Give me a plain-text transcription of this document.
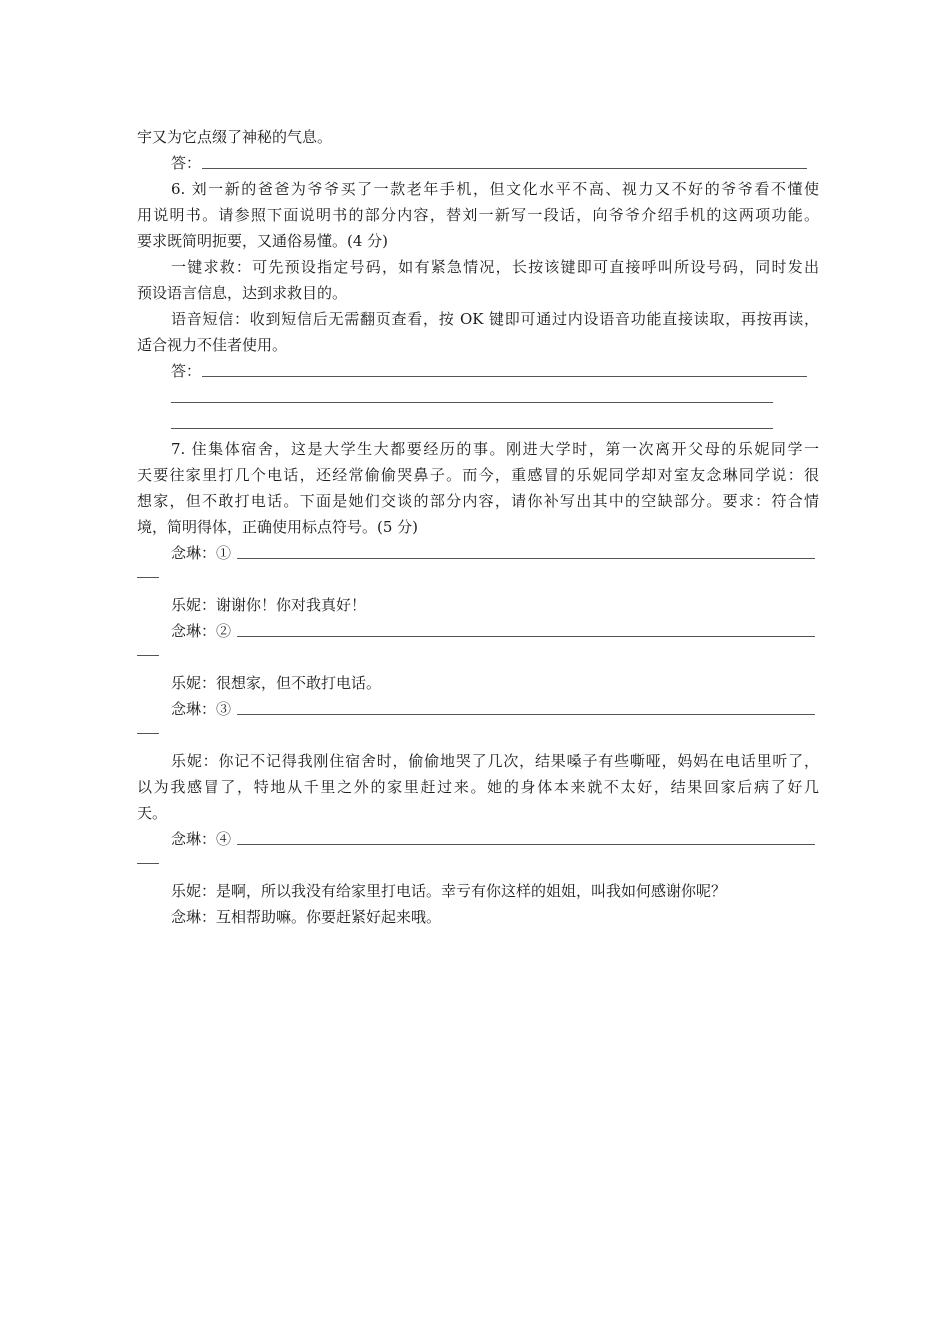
宇又为它点缀了神秘的气息。
答：
6. 刘一新的爸爸为爷爷买了一款老年手机，但文化水平不高、视力又不好的爷爷看不懂使
用说明书。请参照下面说明书的部分内容，替刘一新写一段话，向爷爷介绍手机的这两项功能。
要求既简明扼要，又通俗易懂。(4 分)
一键求救：可先预设指定号码，如有紧急情况，长按该键即可直接呼叫所设号码，同时发出
预设语言信息，达到求救目的。
语音短信：收到短信后无需翻页查看，按 OK 键即可通过内设语音功能直接读取，再按再读，
适合视力不佳者使用。
答：
7. 住集体宿舍，这是大学生大都要经历的事。刚进大学时，第一次离开父母的乐妮同学一
天要往家里打几个电话，还经常偷偷哭鼻子。而今，重感冒的乐妮同学却对室友念琳同学说：很
想家，但不敢打电话。下面是她们交谈的部分内容，请你补写出其中的空缺部分。要求：符合情
境，简明得体，正确使用标点符号。(5 分)
念琳：①
乐妮：谢谢你！你对我真好！
念琳：②
乐妮：很想家，但不敢打电话。
念琳：③
乐妮：你记不记得我刚住宿舍时，偷偷地哭了几次，结果嗓子有些嘶哑，妈妈在电话里听了，
以为我感冒了，特地从千里之外的家里赶过来。她的身体本来就不太好，结果回家后病了好几
天。
念琳：④
乐妮：是啊，所以我没有给家里打电话。幸亏有你这样的姐姐，叫我如何感谢你呢？
念琳：互相帮助嘛。你要赶紧好起来哦。
